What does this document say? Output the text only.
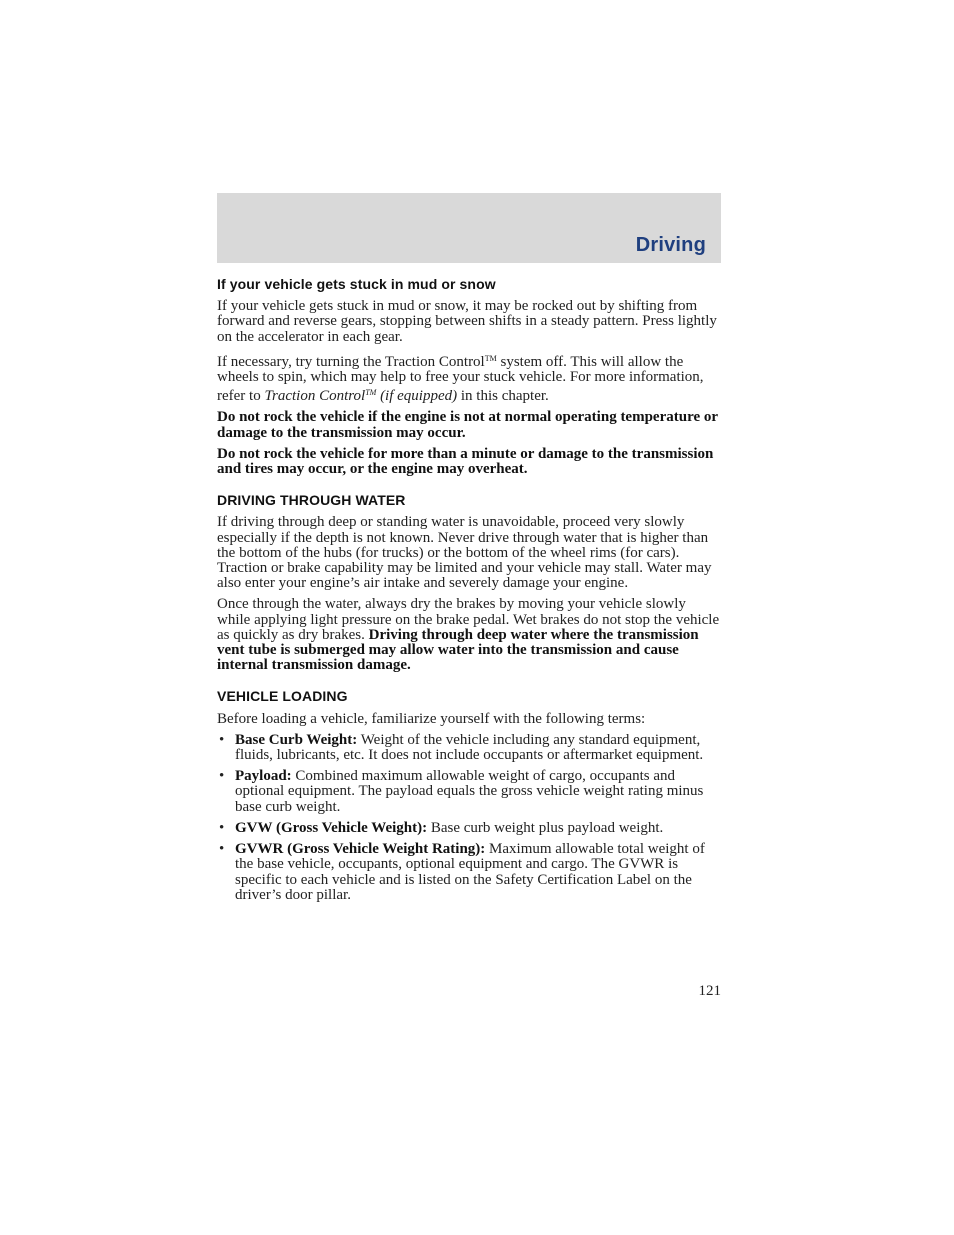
Driving
If your vehicle gets stuck in mud or snow

If your vehicle gets stuck in mud or snow, it may be rocked out by shifting from forward and reverse gears, stopping between shifts in a steady pattern. Press lightly on the accelerator in each gear.

If necessary, try turning the Traction Control™ system off. This will allow the wheels to spin, which may help to free your stuck vehicle. For more information, refer to Traction Control™ (if equipped) in this chapter.

Do not rock the vehicle if the engine is not at normal operating temperature or damage to the transmission may occur.

Do not rock the vehicle for more than a minute or damage to the transmission and tires may occur, or the engine may overheat.

DRIVING THROUGH WATER

If driving through deep or standing water is unavoidable, proceed very slowly especially if the depth is not known. Never drive through water that is higher than the bottom of the hubs (for trucks) or the bottom of the wheel rims (for cars). Traction or brake capability may be limited and your vehicle may stall. Water may also enter your engine’s air intake and severely damage your engine.

Once through the water, always dry the brakes by moving your vehicle slowly while applying light pressure on the brake pedal. Wet brakes do not stop the vehicle as quickly as dry brakes. Driving through deep water where the transmission vent tube is submerged may allow water into the transmission and cause internal transmission damage.

VEHICLE LOADING

Before loading a vehicle, familiarize yourself with the following terms:

• Base Curb Weight: Weight of the vehicle including any standard equipment, fluids, lubricants, etc. It does not include occupants or aftermarket equipment.
• Payload: Combined maximum allowable weight of cargo, occupants and optional equipment. The payload equals the gross vehicle weight rating minus base curb weight.
• GVW (Gross Vehicle Weight): Base curb weight plus payload weight.
• GVWR (Gross Vehicle Weight Rating): Maximum allowable total weight of the base vehicle, occupants, optional equipment and cargo. The GVWR is specific to each vehicle and is listed on the Safety Certification Label on the driver’s door pillar.
121
